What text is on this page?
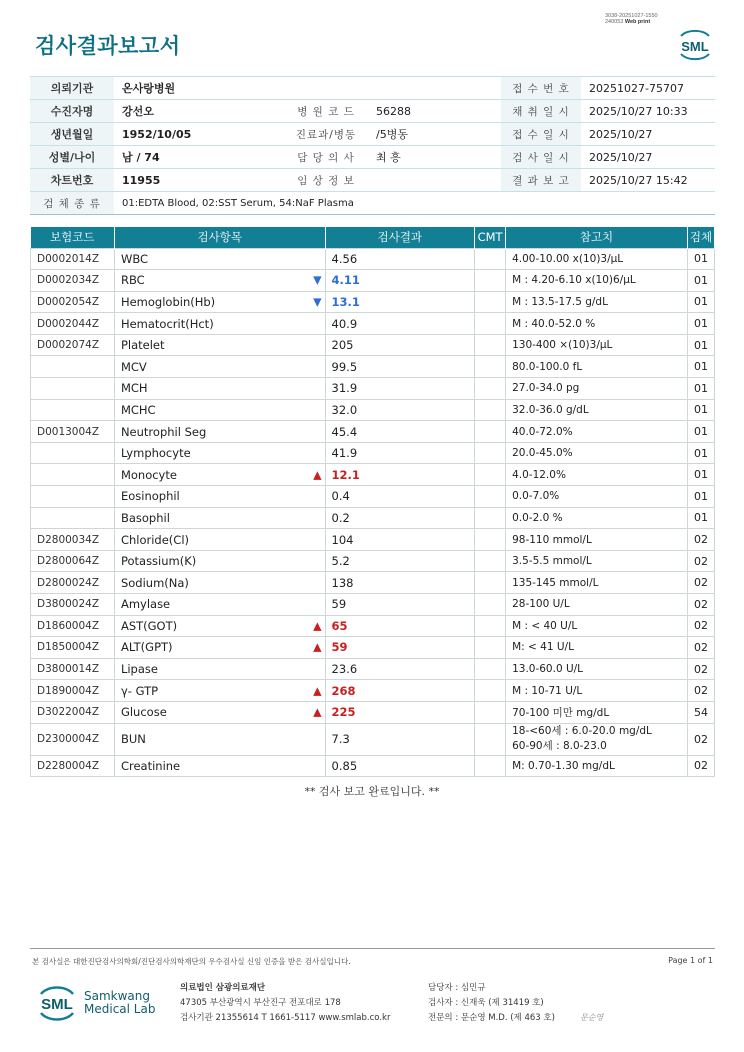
3038-20251027-1550
240053 Web print
검사결과보고서	SML
의뢰기관	온사랑병원			접 수 번 호	20251027-75707
수진자명	강선오	병 원 코 드	56288	채 취 일 시	2025/10/27 10:33
생년월일	1952/10/05	진료과/병동	/5병동	접 수 일 시	2025/10/27
성별/나이	남 / 74	담 당 의 사	최 흥	검 사 일 시	2025/10/27
차트번호	11955	임 상 정 보		결 과 보 고	2025/10/27 15:42
검 체 종 류	01:EDTA Blood, 02:SST Serum, 54:NaF Plasma				
보험코드	검사항목	검사결과	CMT	참고치	검체
D0002014Z	WBC	4.56		4.00-10.00 x(10)3/μL	01
D0002034Z	RBC ▼	4.11		M : 4.20-6.10 x(10)6/μL	01
D0002054Z	Hemoglobin(Hb) ▼	13.1		M : 13.5-17.5 g/dL	01
D0002044Z	Hematocrit(Hct)	40.9		M : 40.0-52.0 %	01
D0002074Z	Platelet	205		130-400 ×(10)3/μL	01
	MCV	99.5		80.0-100.0 fL	01
	MCH	31.9		27.0-34.0 pg	01
	MCHC	32.0		32.0-36.0 g/dL	01
D0013004Z	Neutrophil Seg	45.4		40.0-72.0%	01
	Lymphocyte	41.9		20.0-45.0%	01
	Monocyte ▲	12.1		4.0-12.0%	01
	Eosinophil	0.4		0.0-7.0%	01
	Basophil	0.2		0.0-2.0 %	01
D2800034Z	Chloride(Cl)	104		98-110 mmol/L	02
D2800064Z	Potassium(K)	5.2		3.5-5.5 mmol/L	02
D2800024Z	Sodium(Na)	138		135-145 mmol/L	02
D3800024Z	Amylase	59		28-100 U/L	02
D1860004Z	AST(GOT) ▲	65		M : < 40 U/L	02
D1850004Z	ALT(GPT) ▲	59		M: < 41 U/L	02
D3800014Z	Lipase	23.6		13.0-60.0 U/L	02
D1890004Z	γ- GTP ▲	268		M : 10-71 U/L	02
D3022004Z	Glucose ▲	225		70-100 미만 mg/dL	54
D2300004Z	BUN	7.3		18-<60세 : 6.0-20.0 mg/dL
60-90세 : 8.0-23.0	02
D2280004Z	Creatinine	0.85		M: 0.70-1.30 mg/dL	02
** 검사 보고 완료입니다. **
본 검사실은 대한진단검사의학회/진단검사의학재단의 우수검사실 신임 인증을 받은 검사실입니다.	Page 1 of 1
SML Samkwang
Medical Lab
의료법인 삼광의료재단
47305 부산광역시 부산진구 전포대로 178
검사기관 21355614 T 1661-5117 www.smlab.co.kr
담당자 : 심민규
검사자 : 신재욱 (제 31419 호)
전문의 : 문순영 M.D. (제 463 호)	문순영
